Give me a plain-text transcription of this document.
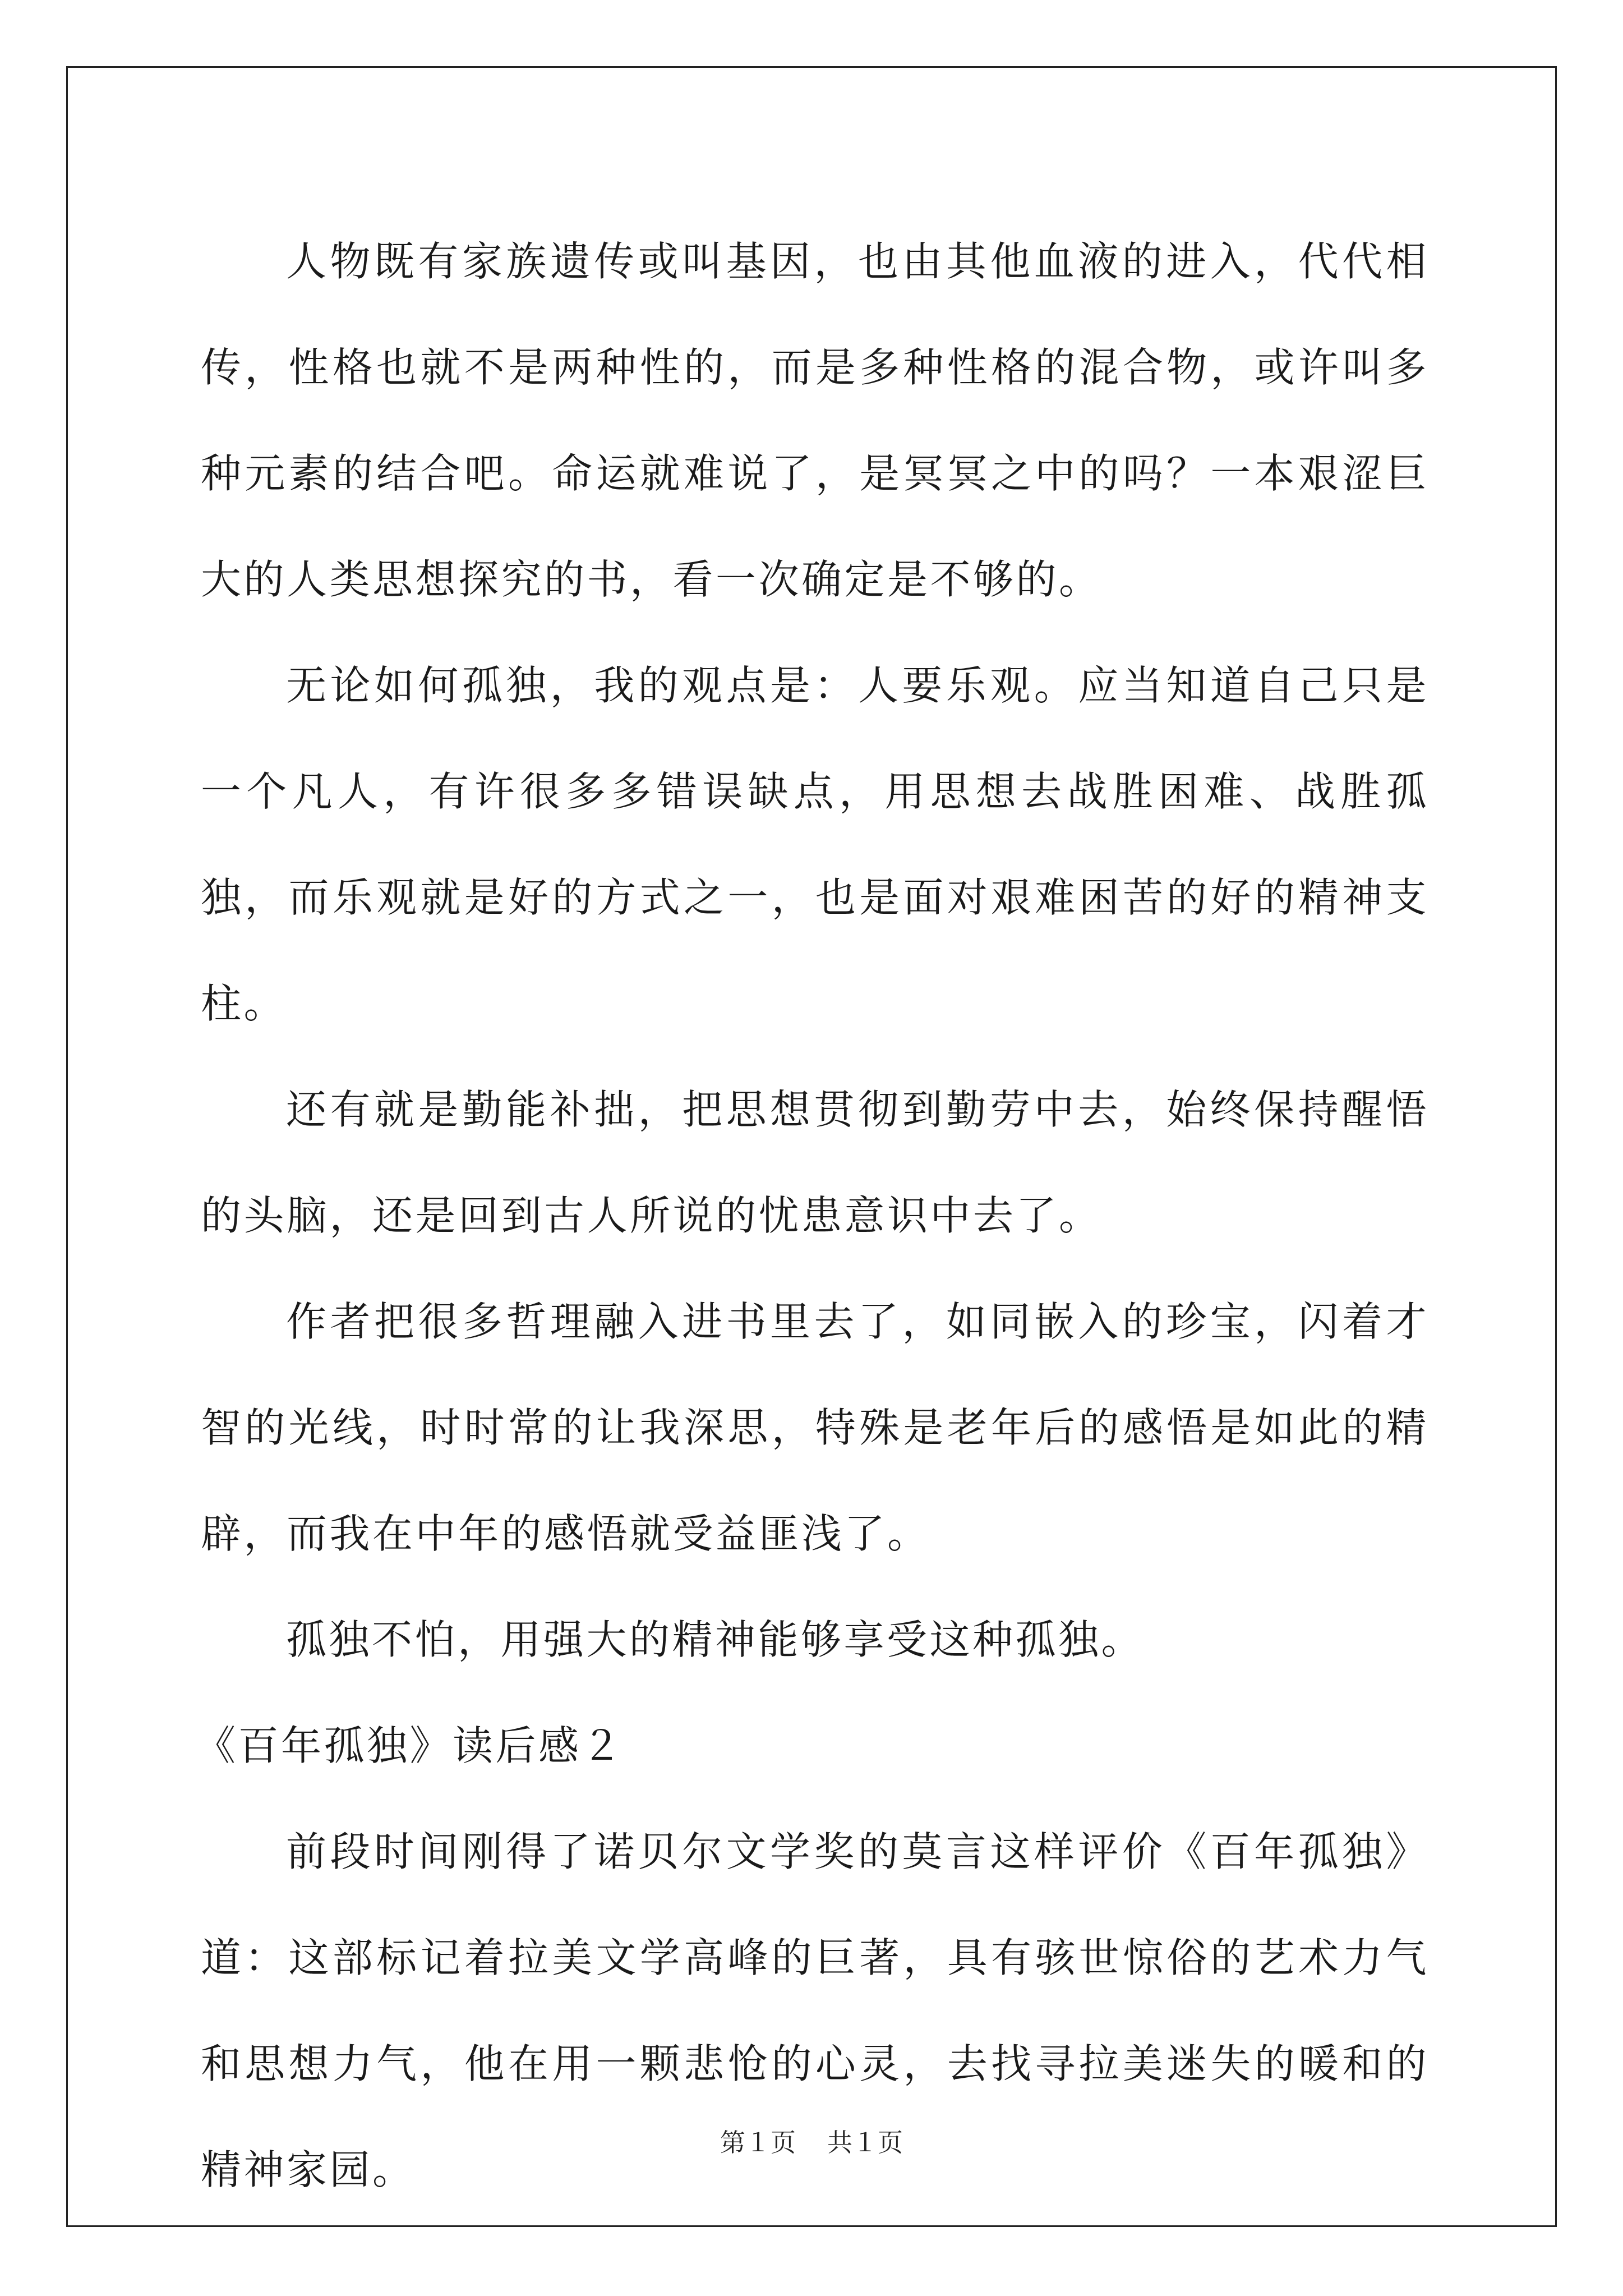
人物既有家族遗传或叫基因，也由其他血液的进入，代代相传，性格也就不是两种性的，而是多种性格的混合物，或许叫多种元素的结合吧。命运就难说了，是冥冥之中的吗？一本艰涩巨大的人类思想探究的书，看一次确定是不够的。

无论如何孤独，我的观点是：人要乐观。应当知道自己只是一个凡人，有许很多多错误缺点，用思想去战胜困难、战胜孤独，而乐观就是好的方式之一，也是面对艰难困苦的好的精神支柱。

还有就是勤能补拙，把思想贯彻到勤劳中去，始终保持醒悟的头脑，还是回到古人所说的忧患意识中去了。

作者把很多哲理融入进书里去了，如同嵌入的珍宝，闪着才智的光线，时时常的让我深思，特殊是老年后的感悟是如此的精辟，而我在中年的感悟就受益匪浅了。

孤独不怕，用强大的精神能够享受这种孤独。

《百年孤独》读后感２

前段时间刚得了诺贝尔文学奖的莫言这样评价《百年孤独》道：这部标记着拉美文学高峰的巨著，具有骇世惊俗的艺术力气和思想力气，他在用一颗悲怆的心灵，去找寻拉美迷失的暖和的精神家园。

第１页 共１页
